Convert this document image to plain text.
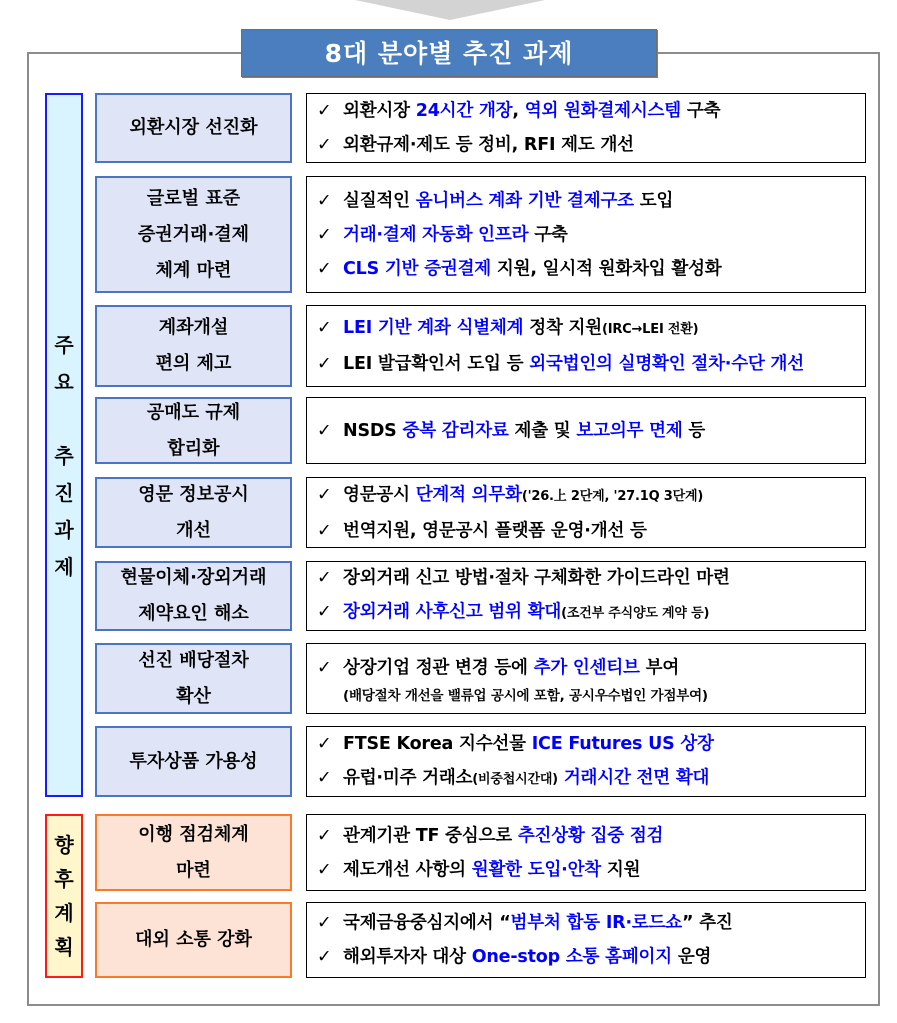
8대 분야별 추진 과제
주
요
추
진
과
제
향
후
계
획
외환시장 선진화
✓ 외환시장 24시간 개장, 역외 원화결제시스템 구축
✓ 외환규제·제도 등 정비, RFI 제도 개선
글로벌 표준
증권거래·결제
체계 마련
✓ 실질적인 옴니버스 계좌 기반 결제구조 도입
✓ 거래·결제 자동화 인프라 구축
✓ CLS 기반 증권결제 지원, 일시적 원화차입 활성화
계좌개설
편의 제고
✓ LEI 기반 계좌 식별체계 정착 지원(IRC→LEI 전환)
✓ LEI 발급확인서 도입 등 외국법인의 실명확인 절차·수단 개선
공매도 규제
합리화
✓ NSDS 중복 감리자료 제출 및 보고의무 면제 등
영문 정보공시
개선
✓ 영문공시 단계적 의무화('26.上 2단계, '27.1Q 3단계)
✓ 번역지원, 영문공시 플랫폼 운영·개선 등
현물이체·장외거래
제약요인 해소
✓ 장외거래 신고 방법·절차 구체화한 가이드라인 마련
✓ 장외거래 사후신고 범위 확대(조건부 주식양도 계약 등)
선진 배당절차
확산
✓ 상장기업 정관 변경 등에 추가 인센티브 부여
(배당절차 개선을 밸류업 공시에 포함, 공시우수법인 가점부여)
투자상품 가용성
✓ FTSE Korea 지수선물 ICE Futures US 상장
✓ 유럽·미주 거래소(비중첩시간대) 거래시간 전면 확대
이행 점검체계
마련
✓ 관계기관 TF 중심으로 추진상황 집중 점검
✓ 제도개선 사항의 원활한 도입·안착 지원
대외 소통 강화
✓ 국제금융중심지에서 “범부처 합동 IR·로드쇼” 추진
✓ 해외투자자 대상 One-stop 소통 홈페이지 운영
